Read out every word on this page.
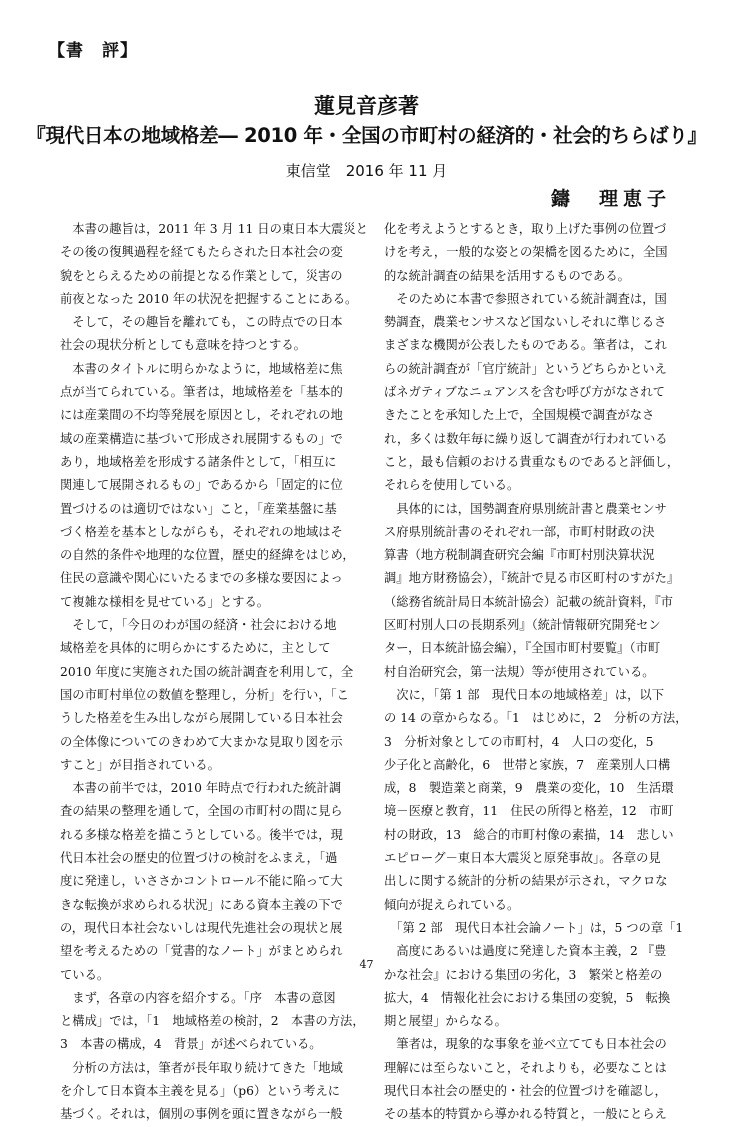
【書　評】
蓮見音彦著
『現代日本の地域格差― 2010 年・全国の市町村の経済的・社会的ちらばり』
東信堂　2016 年 11 月
鑄　理恵子
　本書の趣旨は，2011 年 3 月 11 日の東日本大震災と
その後の復興過程を経てもたらされた日本社会の変
貌をとらえるための前提となる作業として，災害の
前夜となった 2010 年の状況を把握することにある。
　そして，その趣旨を離れても，この時点での日本
社会の現状分析としても意味を持つとする。
　本書のタイトルに明らかなように，地域格差に焦
点が当てられている。筆者は，地域格差を「基本的
には産業間の不均等発展を原因とし，それぞれの地
域の産業構造に基づいて形成され展開するもの」で
あり，地域格差を形成する諸条件として，「相互に
関連して展開されるもの」であるから「固定的に位
置づけるのは適切ではない」こと，「産業基盤に基
づく格差を基本としながらも，それぞれの地域はそ
の自然的条件や地理的な位置，歴史的経緯をはじめ，
住民の意識や関心にいたるまでの多様な要因によっ
て複雑な様相を見せている」とする。
　そして，「今日のわが国の経済・社会における地
域格差を具体的に明らかにするために，主として
2010 年度に実施された国の統計調査を利用して，全
国の市町村単位の数値を整理し，分析」を行い，「こ
うした格差を生み出しながら展開している日本社会
の全体像についてのきわめて大まかな見取り図を示
すこと」が目指されている。
　本書の前半では，2010 年時点で行われた統計調
査の結果の整理を通して，全国の市町村の間に見ら
れる多様な格差を描こうとしている。後半では，現
代日本社会の歴史的位置づけの検討をふまえ，「過
度に発達し，いささかコントロール不能に陥って大
きな転換が求められる状況」にある資本主義の下で
の，現代日本社会ないしは現代先進社会の現状と展
望を考えるための「覚書的なノート」がまとめられ
ている。
　まず，各章の内容を紹介する。「序　本書の意図
と構成」では，「1　地域格差の検討，2　本書の方法，
3　本書の構成，4　背景」が述べられている。
　分析の方法は，筆者が長年取り続けてきた「地域
を介して日本資本主義を見る」（p6）という考えに
基づく。それは，個別の事例を頭に置きながら一般
化を考えようとするとき，取り上げた事例の位置づ
けを考え，一般的な姿との架橋を図るために，全国
的な統計調査の結果を活用するものである。
　そのために本書で参照されている統計調査は，国
勢調査，農業センサスなど国ないしそれに準じるさ
まざまな機関が公表したものである。筆者は，これ
らの統計調査が「官庁統計」というどちらかといえ
ばネガティブなニュアンスを含む呼び方がなされて
きたことを承知した上で，全国規模で調査がなさ
れ，多くは数年毎に繰り返して調査が行われている
こと，最も信頼のおける貴重なものであると評価し，
それらを使用している。
　具体的には，国勢調査府県別統計書と農業センサ
ス府県別統計書のそれぞれ一部，市町村財政の決
算書（地方税制調査研究会編『市町村別決算状況
調』地方財務協会），『統計で見る市区町村のすがた』
（総務省統計局日本統計協会）記載の統計資料，『市
区町村別人口の長期系列』（統計情報研究開発セン
ター，日本統計協会編），『全国市町村要覧』（市町
村自治研究会，第一法規）等が使用されている。
　次に，「第 1 部　現代日本の地域格差」は，以下
の 14 の章からなる。「1　はじめに，2　分析の方法，
3　分析対象としての市町村，4　人口の変化，5
少子化と高齢化，6　世帯と家族，7　産業別人口構
成，8　製造業と商業，9　農業の変化，10　生活環
境－医療と教育，11　住民の所得と格差，12　市町
村の財政，13　総合的市町村像の素描，14　悲しい
エピローグ－東日本大震災と原発事故」。各章の見
出しに関する統計的分析の結果が示され，マクロな
傾向が捉えられている。
　「第 2 部　現代日本社会論ノート」は，5 つの章「1
　高度にあるいは過度に発達した資本主義，2 『豊
かな社会』における集団の劣化，3　繁栄と格差の
拡大，4　情報化社会における集団の変貌，5　転換
期と展望」からなる。
　筆者は，現象的な事象を並べ立てても日本社会の
理解には至らないこと，それよりも，必要なことは
現代日本社会の歴史的・社会的位置づけを確認し，
その基本的特質から導かれる特質と，一般にとらえ
47
